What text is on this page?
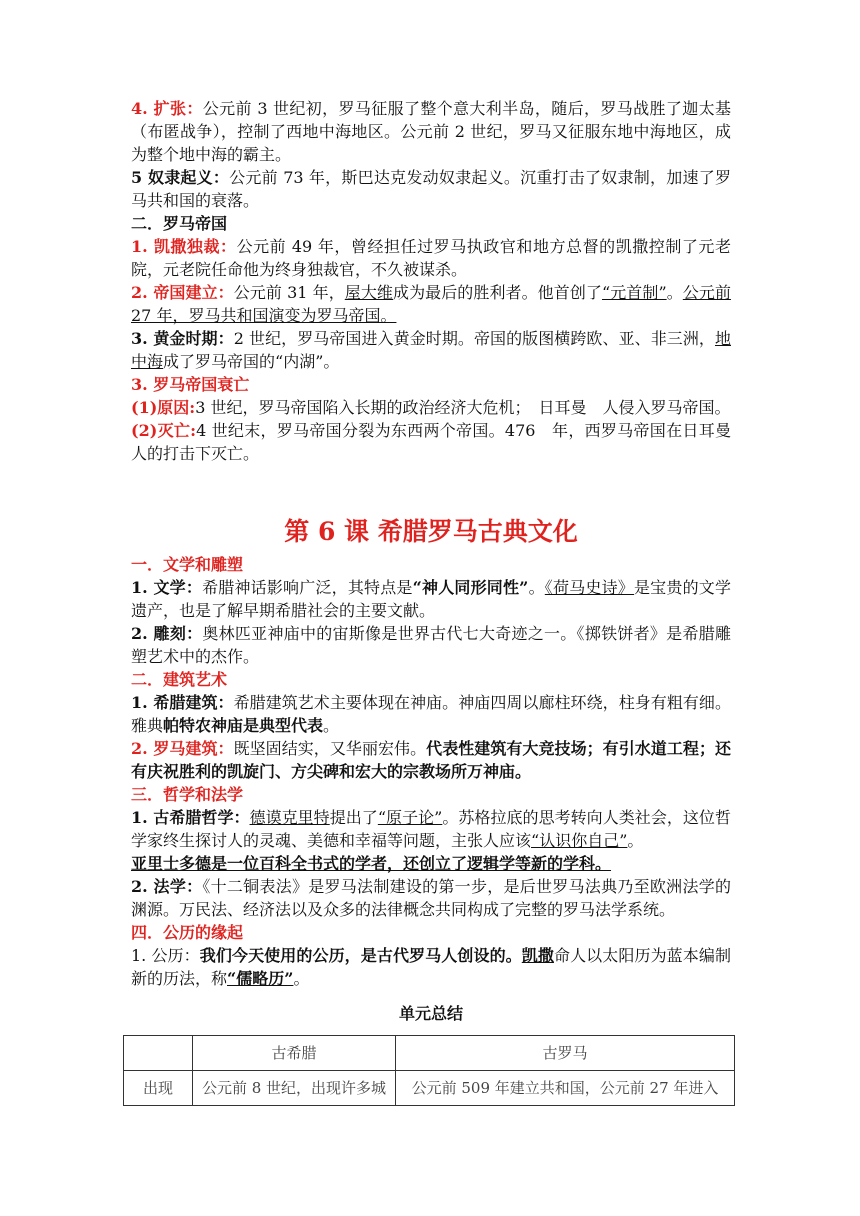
4. 扩张：公元前 3 世纪初，罗马征服了整个意大利半岛，随后，罗马战胜了迦太基（布匿战争），控制了西地中海地区。公元前 2 世纪，罗马又征服东地中海地区，成为整个地中海的霸主。

5 奴隶起义：公元前 73 年，斯巴达克发动奴隶起义。沉重打击了奴隶制，加速了罗马共和国的衰落。

二．罗马帝国

1. 凯撒独裁：公元前 49 年，曾经担任过罗马执政官和地方总督的凯撒控制了元老院，元老院任命他为终身独裁官，不久被谋杀。

2. 帝国建立：公元前 31 年，屋大维成为最后的胜利者。他首创了“元首制”。公元前 27 年，罗马共和国演变为罗马帝国。

3. 黄金时期：2 世纪，罗马帝国进入黄金时期。帝国的版图横跨欧、亚、非三洲，地中海成了罗马帝国的“内湖”。

3. 罗马帝国衰亡

(1)原因:3 世纪，罗马帝国陷入长期的政治经济大危机；　日耳曼　人侵入罗马帝国。

(2)灭亡:4 世纪末，罗马帝国分裂为东西两个帝国。476　年，西罗马帝国在日耳曼人的打击下灭亡。

第 6 课 希腊罗马古典文化

一．文学和雕塑

1. 文学：希腊神话影响广泛，其特点是“神人同形同性”。《荷马史诗》是宝贵的文学遗产，也是了解早期希腊社会的主要文献。

2. 雕刻：奥林匹亚神庙中的宙斯像是世界古代七大奇迹之一。《掷铁饼者》是希腊雕塑艺术中的杰作。

二．建筑艺术

1. 希腊建筑：希腊建筑艺术主要体现在神庙。神庙四周以廊柱环绕，柱身有粗有细。雅典帕特农神庙是典型代表。

2. 罗马建筑：既坚固结实，又华丽宏伟。代表性建筑有大竞技场；有引水道工程；还有庆祝胜利的凯旋门、方尖碑和宏大的宗教场所万神庙。

三．哲学和法学

1. 古希腊哲学：德谟克里特提出了“原子论”。苏格拉底的思考转向人类社会，这位哲学家终生探讨人的灵魂、美德和幸福等问题，主张人应该“认识你自己”。
亚里士多德是一位百科全书式的学者，还创立了逻辑学等新的学科。

2. 法学：《十二铜表法》是罗马法制建设的第一步，是后世罗马法典乃至欧洲法学的渊源。万民法、经济法以及众多的法律概念共同构成了完整的罗马法学系统。

四．公历的缘起

1. 公历：我们今天使用的公历，是古代罗马人创设的。凯撒命人以太阳历为蓝本编制新的历法，称“儒略历”。

单元总结
	古希腊	古罗马
出现	公元前 8 世纪，出现许多城	公元前 509 年建立共和国，公元前 27 年进入
